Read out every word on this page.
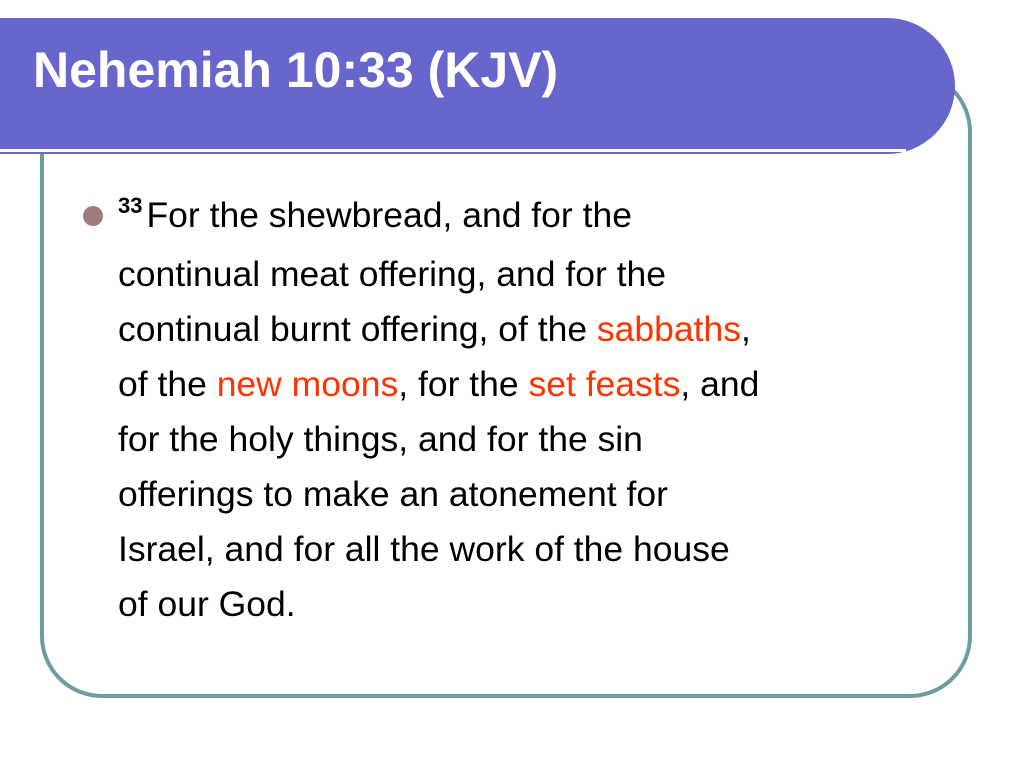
Nehemiah 10:33 (KJV)

$^{33}$ For the shewbread, and for the
continual meat offering, and for the
continual burnt offering, of the sabbaths,
of the new moons, for the set feasts, and
for the holy things, and for the sin
offerings to make an atonement for
Israel, and for all the work of the house
of our God.
